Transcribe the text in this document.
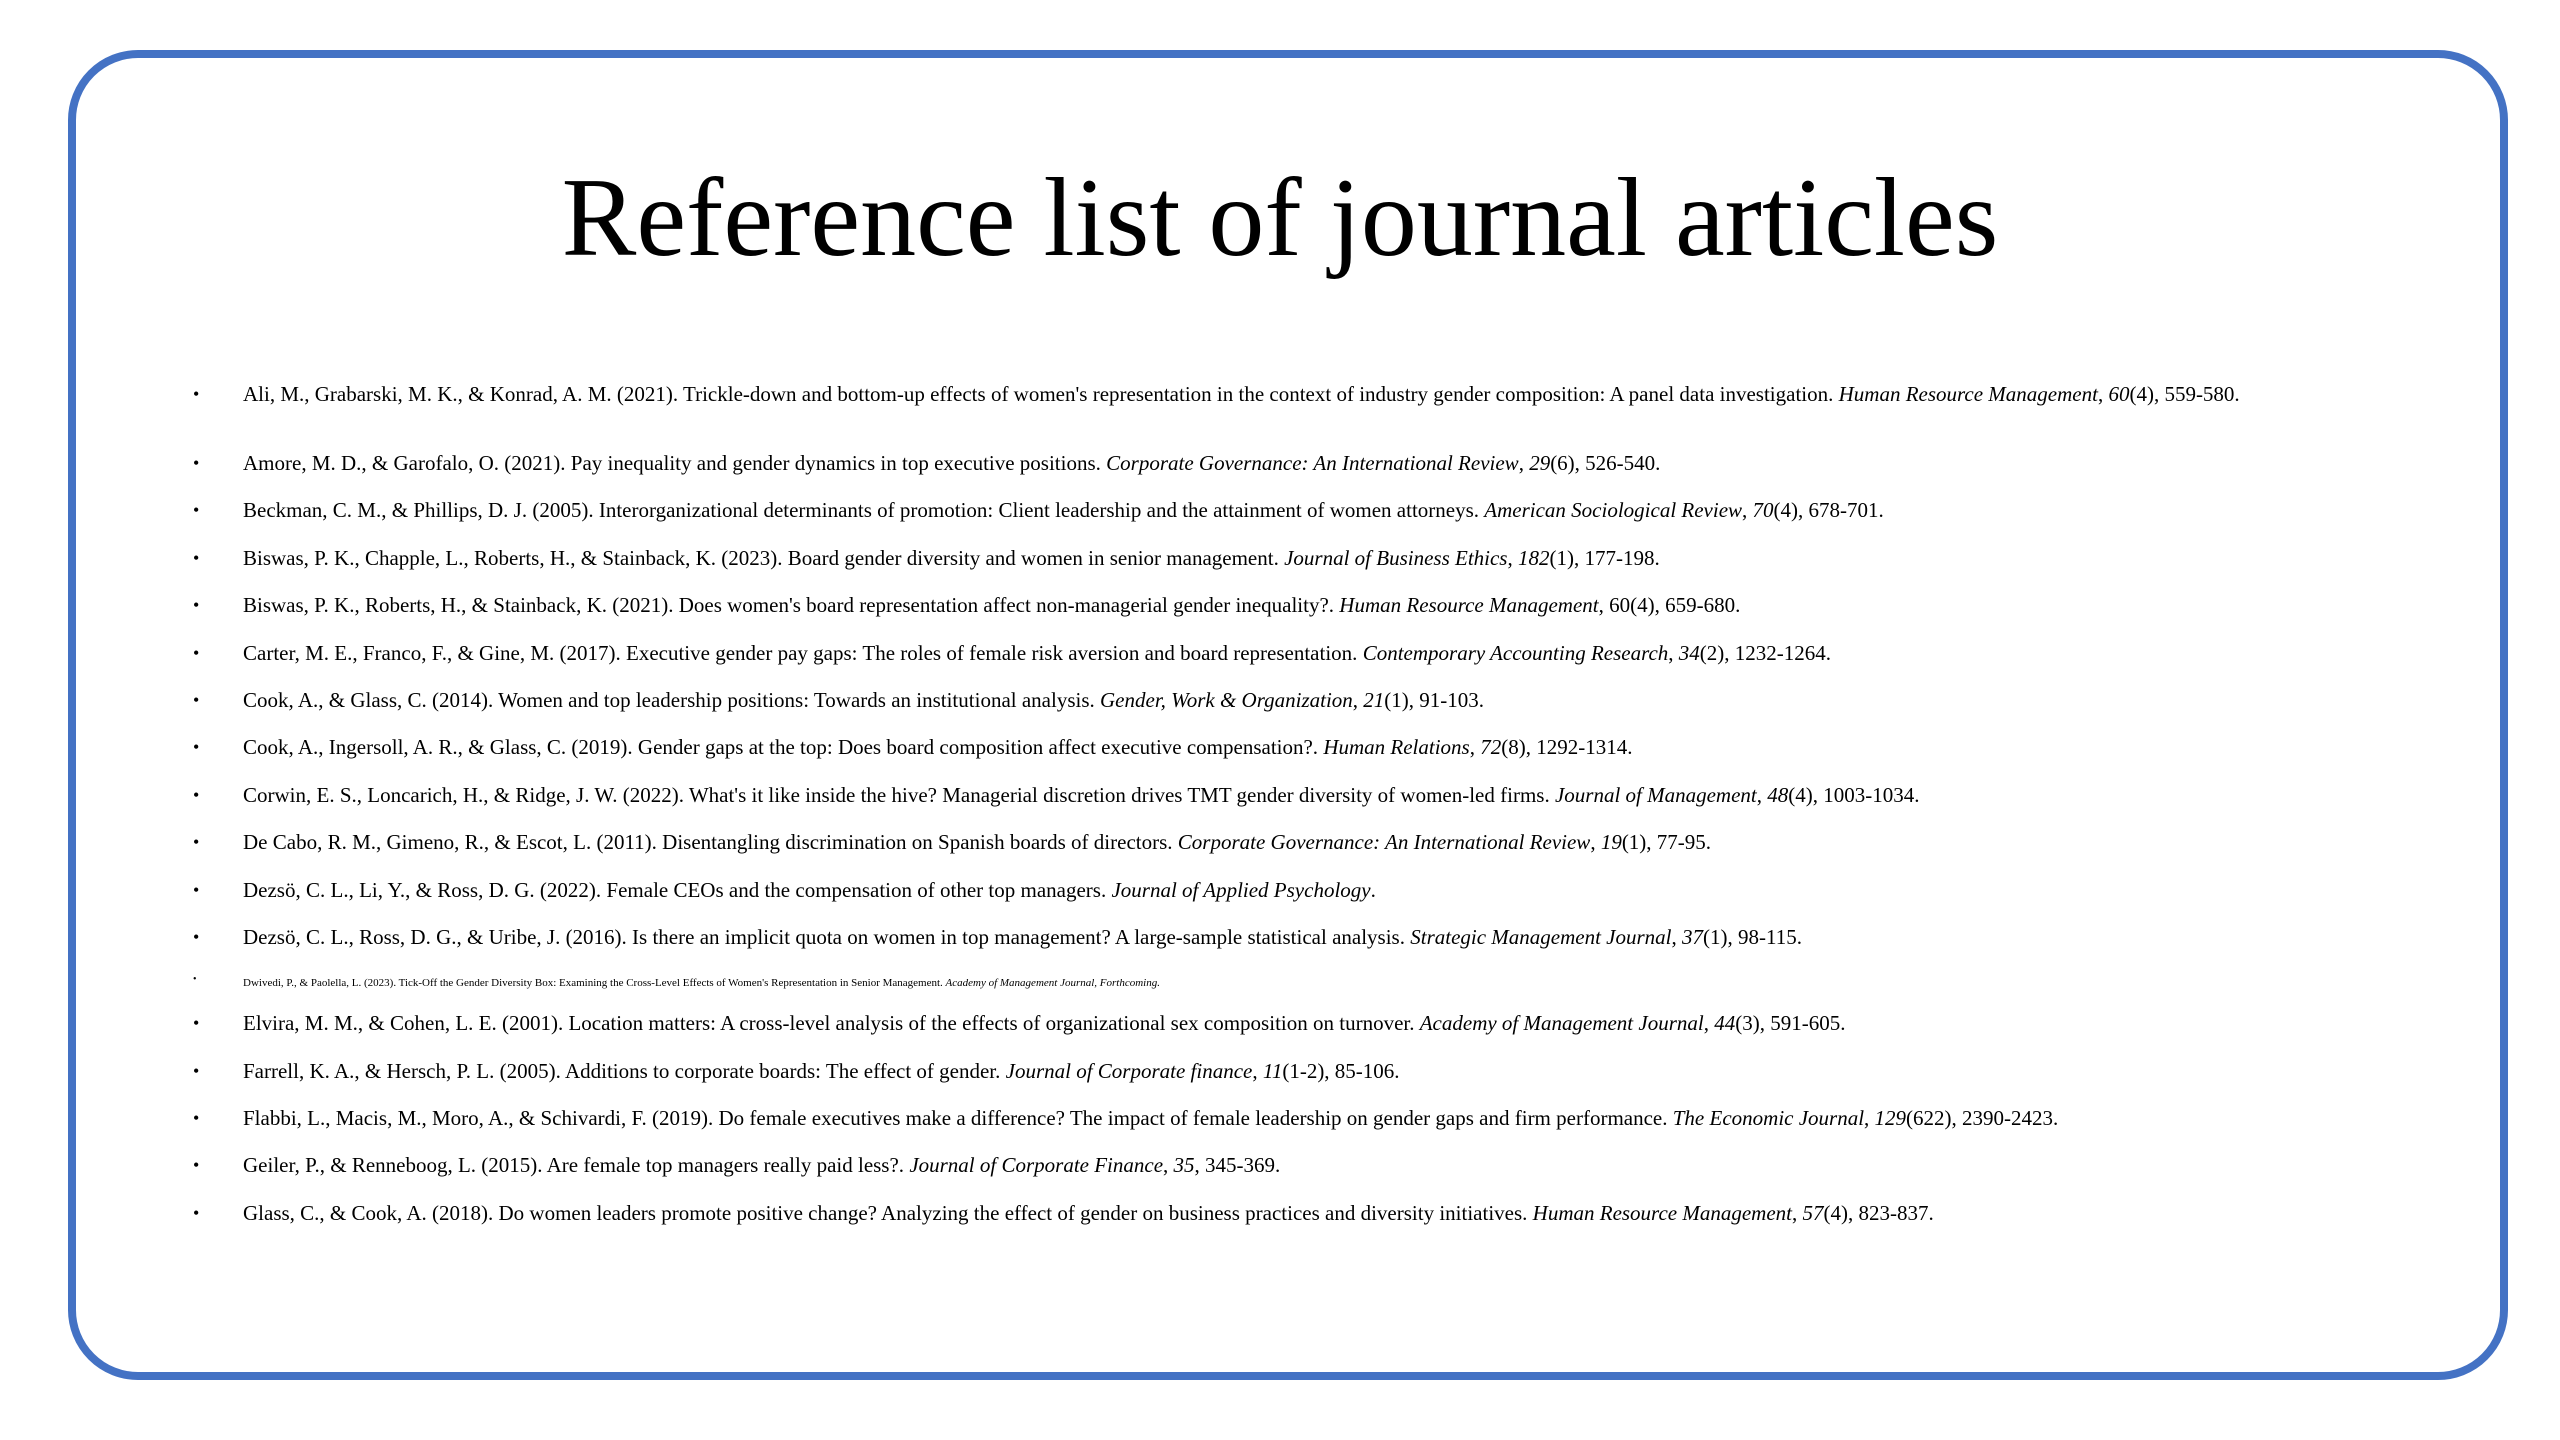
Reference list of journal articles
• Ali, M., Grabarski, M. K., & Konrad, A. M. (2021). Trickle-down and bottom-up effects of women's representation in the context of industry gender composition: A panel data investigation. Human Resource Management, 60(4), 559-580.
• Amore, M. D., & Garofalo, O. (2021). Pay inequality and gender dynamics in top executive positions. Corporate Governance: An International Review, 29(6), 526-540.
• Beckman, C. M., & Phillips, D. J. (2005). Interorganizational determinants of promotion: Client leadership and the attainment of women attorneys. American Sociological Review, 70(4), 678-701.
• Biswas, P. K., Chapple, L., Roberts, H., & Stainback, K. (2023). Board gender diversity and women in senior management. Journal of Business Ethics, 182(1), 177-198.
• Biswas, P. K., Roberts, H., & Stainback, K. (2021). Does women's board representation affect non-managerial gender inequality?. Human Resource Management, 60(4), 659-680.
• Carter, M. E., Franco, F., & Gine, M. (2017). Executive gender pay gaps: The roles of female risk aversion and board representation. Contemporary Accounting Research, 34(2), 1232-1264.
• Cook, A., & Glass, C. (2014). Women and top leadership positions: Towards an institutional analysis. Gender, Work & Organization, 21(1), 91-103.
• Cook, A., Ingersoll, A. R., & Glass, C. (2019). Gender gaps at the top: Does board composition affect executive compensation?. Human Relations, 72(8), 1292-1314.
• Corwin, E. S., Loncarich, H., & Ridge, J. W. (2022). What's it like inside the hive? Managerial discretion drives TMT gender diversity of women-led firms. Journal of Management, 48(4), 1003-1034.
• De Cabo, R. M., Gimeno, R., & Escot, L. (2011). Disentangling discrimination on Spanish boards of directors. Corporate Governance: An International Review, 19(1), 77-95.
• Dezsö, C. L., Li, Y., & Ross, D. G. (2022). Female CEOs and the compensation of other top managers. Journal of Applied Psychology.
• Dezsö, C. L., Ross, D. G., & Uribe, J. (2016). Is there an implicit quota on women in top management? A large-sample statistical analysis. Strategic Management Journal, 37(1), 98-115.
•	Dwivedi, P., & Paolella, L. (2023). Tick-Off the Gender Diversity Box: Examining the Cross-Level Effects of Women's Representation in Senior Management. Academy of Management Journal, Forthcoming.
• Elvira, M. M., & Cohen, L. E. (2001). Location matters: A cross-level analysis of the effects of organizational sex composition on turnover. Academy of Management Journal, 44(3), 591-605.
• Farrell, K. A., & Hersch, P. L. (2005). Additions to corporate boards: The effect of gender. Journal of Corporate finance, 11(1-2), 85-106.
• Flabbi, L., Macis, M., Moro, A., & Schivardi, F. (2019). Do female executives make a difference? The impact of female leadership on gender gaps and firm performance. The Economic Journal, 129(622), 2390-2423.
• Geiler, P., & Renneboog, L. (2015). Are female top managers really paid less?. Journal of Corporate Finance, 35, 345-369.
• Glass, C., & Cook, A. (2018). Do women leaders promote positive change? Analyzing the effect of gender on business practices and diversity initiatives. Human Resource Management, 57(4), 823-837.
